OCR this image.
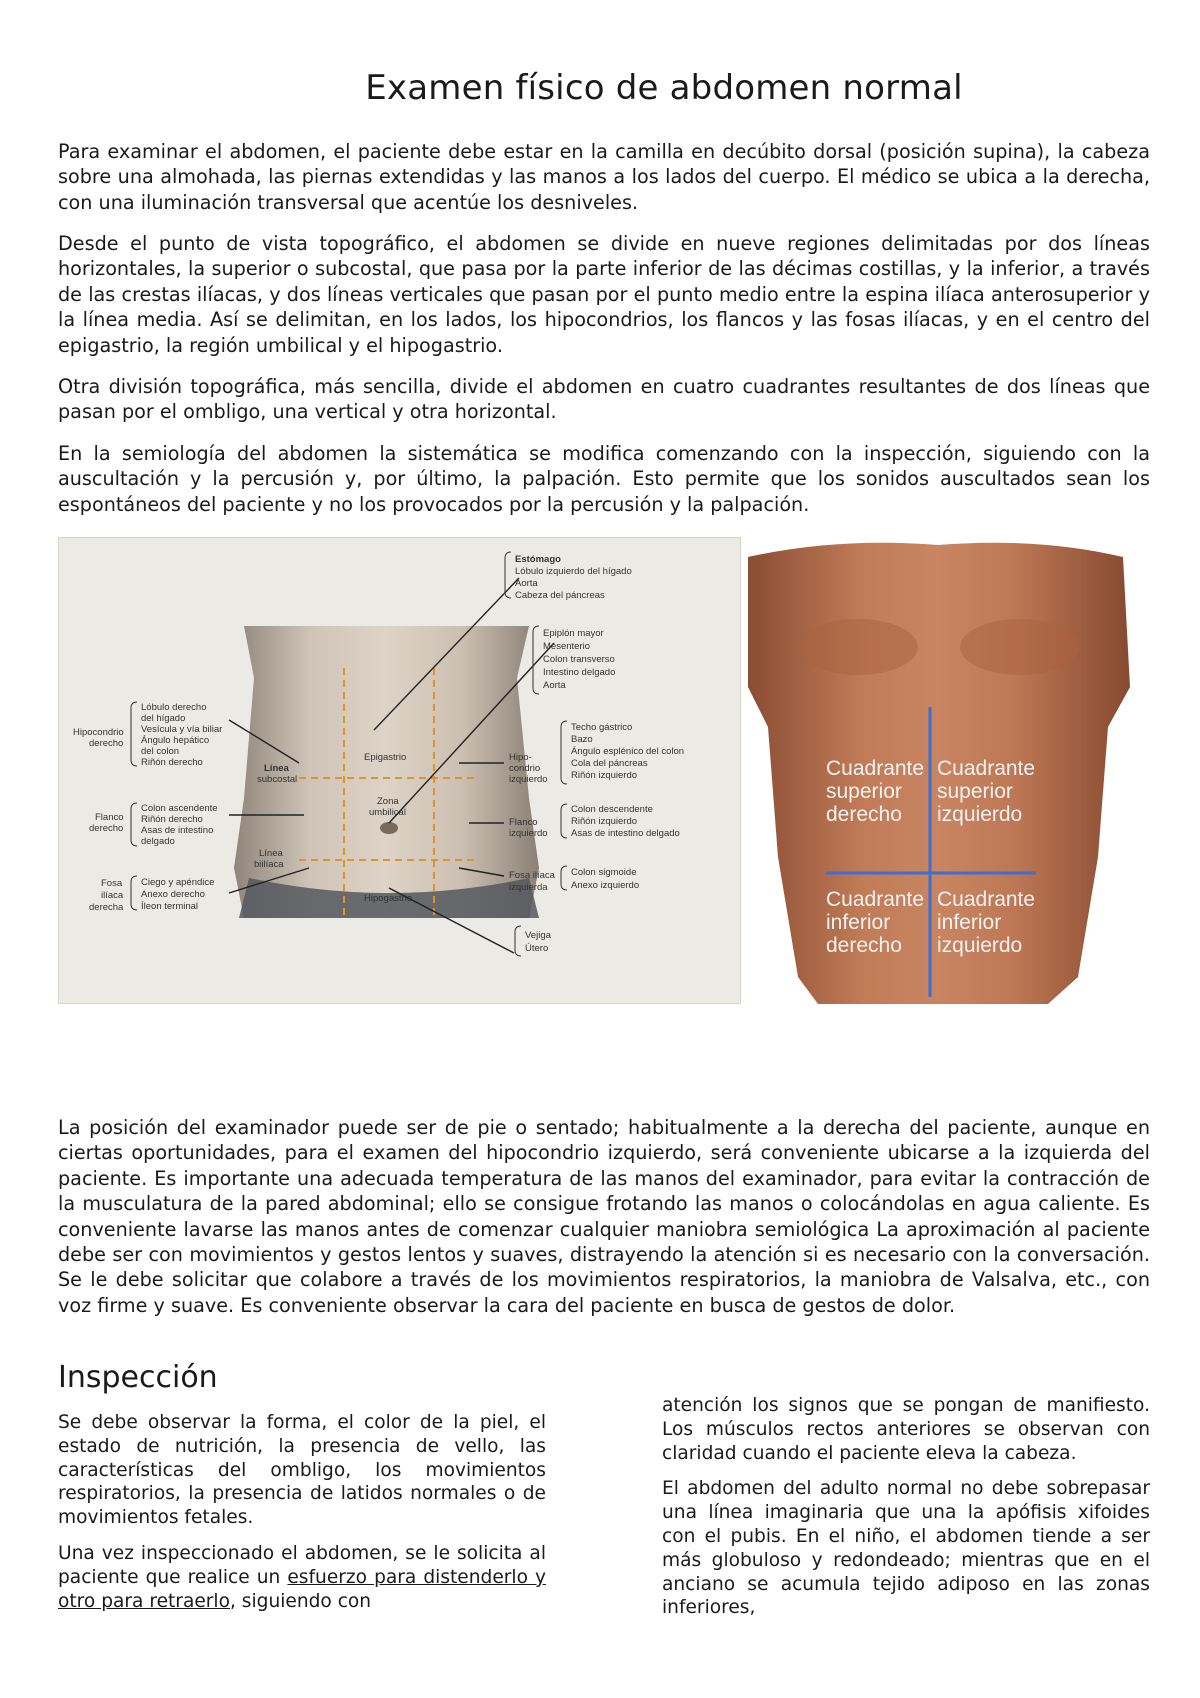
Examen físico de abdomen normal

Para examinar el abdomen, el paciente debe estar en la camilla en decúbito dorsal (posición supina), la cabeza sobre una almohada, las piernas extendidas y las manos a los lados del cuerpo. El médico se ubica a la derecha, con una iluminación transversal que acentúe los desniveles.

Desde el punto de vista topográfico, el abdomen se divide en nueve regiones delimitadas por dos líneas horizontales, la superior o subcostal, que pasa por la parte inferior de las décimas costillas, y la inferior, a través de las crestas ilíacas, y dos líneas verticales que pasan por el punto medio entre la espina ilíaca anterosuperior y la línea media. Así se delimitan, en los lados, los hipocondrios, los flancos y las fosas ilíacas, y en el centro del epigastrio, la región umbilical y el hipogastrio.

Otra división topográfica, más sencilla, divide el abdomen en cuatro cuadrantes resultantes de dos líneas que pasan por el ombligo, una vertical y otra horizontal.

En la semiología del abdomen la sistemática se modifica comenzando con la inspección, siguiendo con la auscultación y la percusión y, por último, la palpación. Esto permite que los sonidos auscultados sean los espontáneos del paciente y no los provocados por la percusión y la palpación.

Epigastrio
Zona
umbilical
Hipogastrio
Línea
subcostal
Línea
biilíaca
Hipocondrio
derecho
Flanco
derecho
Fosa
ilíaca
derecha
Lóbulo derecho
del hígado
Vesícula y vía biliar
Ángulo hepático
del colon
Riñón derecho
Colon ascendente
Riñón derecho
Asas de intestino
delgado
Ciego y apéndice
Anexo derecho
Íleon terminal
Hipo-
condrio
izquierdo
Flanco
izquierdo
Fosa ilíaca
izquierda
Estómago
Lóbulo izquierdo del hígado
Aorta
Cabeza del páncreas
Epiplón mayor
Mesenterio
Colon transverso
Intestino delgado
Aorta
Techo gástrico
Bazo
Ángulo esplénico del colon
Cola del páncreas
Riñón izquierdo
Colon descendente
Riñón izquierdo
Asas de intestino delgado
Colon sigmoide
Anexo izquierdo
Vejiga
Útero
Cuadrante
superior
derecho
Cuadrante
superior
izquierdo
Cuadrante
inferior
derecho
Cuadrante
inferior
izquierdo

La posición del examinador puede ser de pie o sentado; habitualmente a la derecha del paciente, aunque en ciertas oportunidades, para el examen del hipocondrio izquierdo, será conveniente ubicarse a la izquierda del paciente. Es importante una adecuada temperatura de las manos del examinador, para evitar la contracción de la musculatura de la pared abdominal; ello se consigue frotando las manos o colocándolas en agua caliente. Es conveniente lavarse las manos antes de comenzar cualquier maniobra semiológica La aproximación al paciente debe ser con movimientos y gestos lentos y suaves, distrayendo la atención si es necesario con la conversación. Se le debe solicitar que colabore a través de los movimientos respiratorios, la maniobra de Valsalva, etc., con voz firme y suave. Es conveniente observar la cara del paciente en busca de gestos de dolor.

Inspección

Se debe observar la forma, el color de la piel, el estado de nutrición, la presencia de vello, las características del ombligo, los movimientos respiratorios, la presencia de latidos normales o de movimientos fetales.

Una vez inspeccionado el abdomen, se le solicita al paciente que realice un esfuerzo para distenderlo y otro para retraerlo, siguiendo con

atención los signos que se pongan de manifiesto. Los músculos rectos anteriores se observan con claridad cuando el paciente eleva la cabeza.

El abdomen del adulto normal no debe sobrepasar una línea imaginaria que una la apófisis xifoides con el pubis. En el niño, el abdomen tiende a ser más globuloso y redondeado; mientras que en el anciano se acumula tejido adiposo en las zonas inferiores,
